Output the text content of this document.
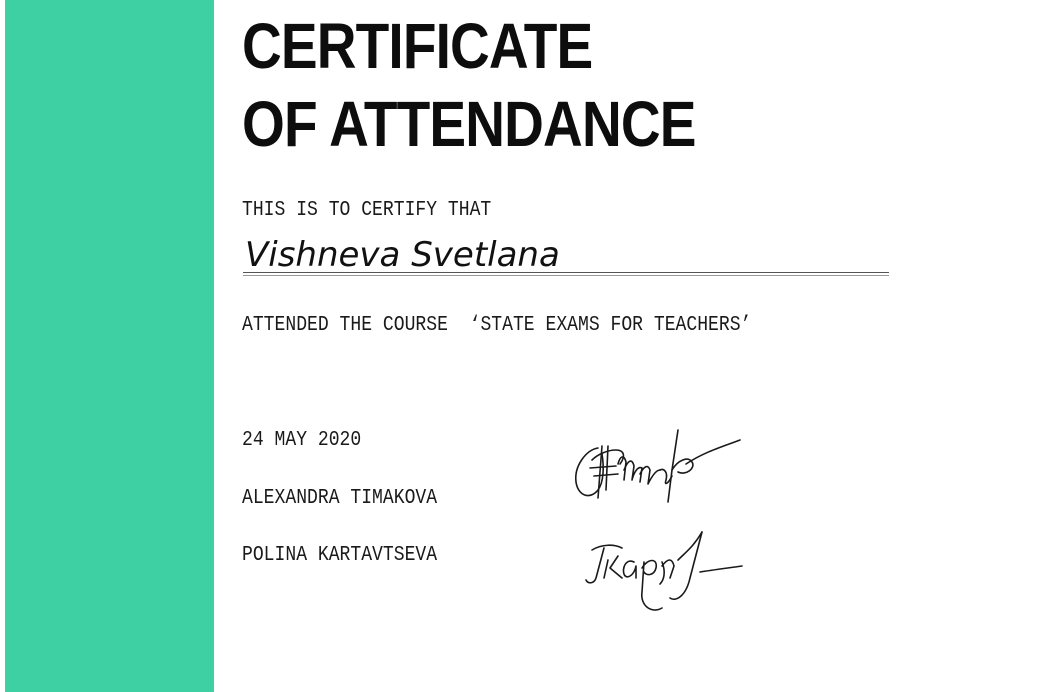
CERTIFICATE
OF ATTENDANCE

THIS IS TO CERTIFY THAT

Vishneva Svetlana

ATTENDED THE COURSE ‘STATE EXAMS FOR TEACHERS’

24 MAY 2020

ALEXANDRA TIMAKOVA

POLINA KARTAVTSEVA
